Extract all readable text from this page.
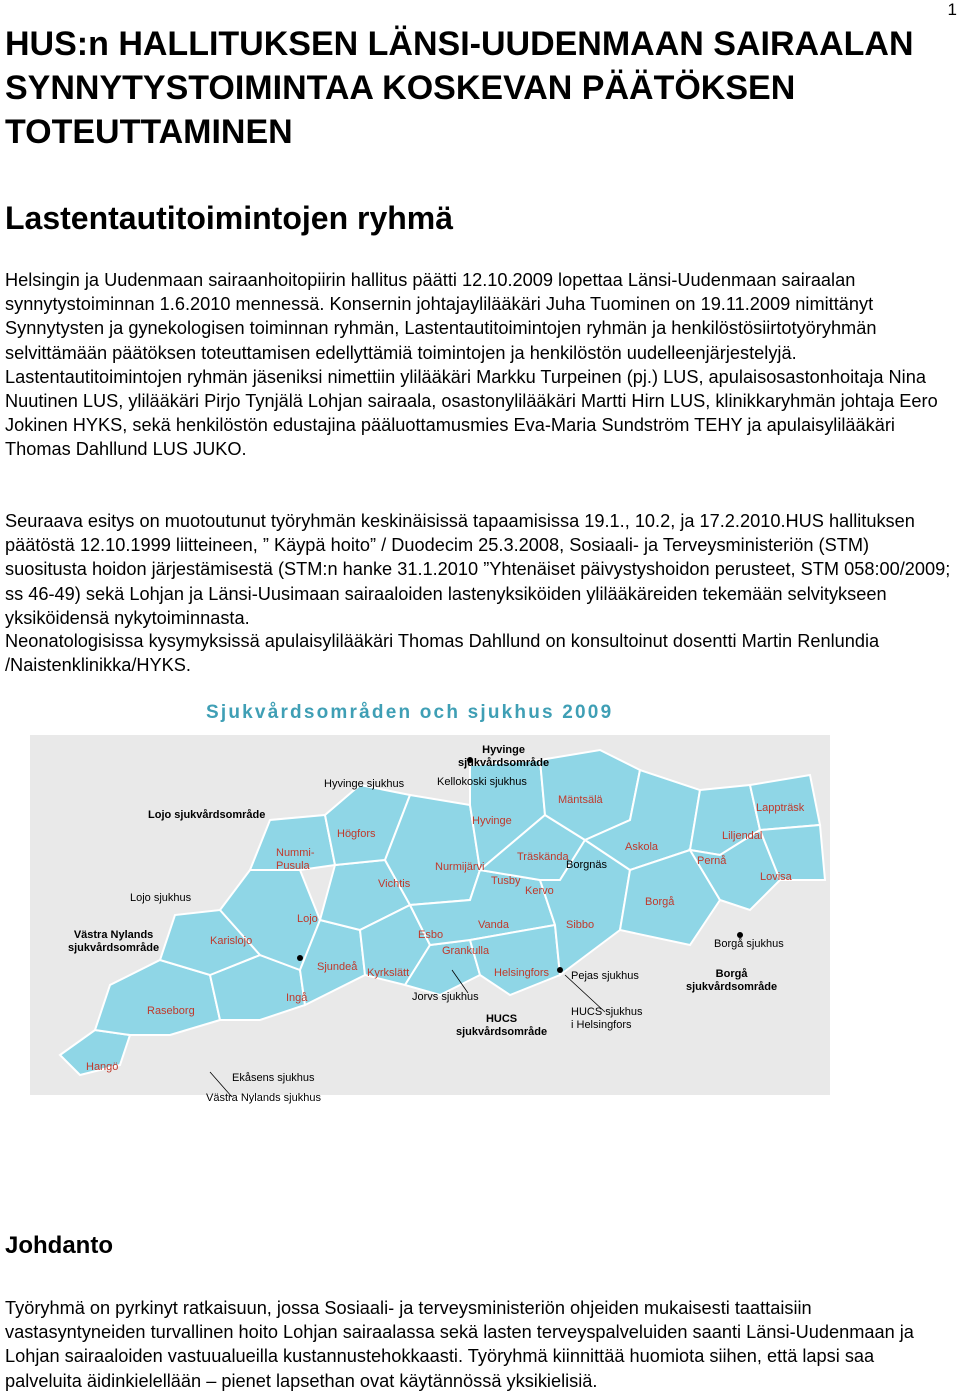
1
HUS:n HALLITUKSEN LÄNSI-UUDENMAAN SAIRAALAN SYNNYTYSTOIMINTAA KOSKEVAN PÄÄTÖKSEN TOTEUTTAMINEN
Lastentautitoimintojen ryhmä

Helsingin ja Uudenmaan sairaanhoitopiirin hallitus päätti 12.10.2009 lopettaa Länsi-Uudenmaan sairaalan synnytystoiminnan 1.6.2010 mennessä. Konsernin johtajaylilääkäri Juha Tuominen on 19.11.2009 nimittänyt Synnytysten ja gynekologisen toiminnan ryhmän, Lastentautitoimintojen ryhmän ja henkilöstösiirtotyöryhmän selvittämään päätöksen toteuttamisen edellyttämiä toimintojen ja henkilöstön uudelleenjärjestelyjä. Lastentautitoimintojen ryhmän jäseniksi nimettiin ylilääkäri Markku Turpeinen (pj.) LUS, apulaisosastonhoitaja Nina Nuutinen LUS, ylilääkäri Pirjo Tynjälä Lohjan sairaala, osastonylilääkäri Martti Hirn LUS, klinikkaryhmän johtaja Eero Jokinen HYKS, sekä henkilöstön edustajina pääluottamusmies Eva-Maria Sundström TEHY ja apulaisylilääkäri Thomas Dahllund LUS JUKO.

Seuraava esitys on muotoutunut työryhmän keskinäisissä tapaamisissa 19.1., 10.2, ja 17.2.2010.HUS hallituksen päätöstä 12.10.1999 liitteineen, ” Käypä hoito” / Duodecim 25.3.2008, Sosiaali- ja Terveysministeriön (STM) suositusta hoidon järjestämisestä (STM:n hanke 31.1.2010 ”Yhtenäiset päivystyshoidon perusteet, STM 058:00/2009; ss 46-49) sekä Lohjan ja Länsi-Uusimaan sairaaloiden lastenyksiköiden ylilääkäreiden tekemään selvitykseen yksiköidensä nykytoiminnasta.

Neonatologisissa kysymyksissä apulaisylilääkäri Thomas Dahllund on konsultoinut dosentti Martin Renlundia /Naistenklinikka/HYKS.

Sjukvårdsområden och sjukhus 2009
Hyvinge
sjukvårdsområde
Hyvinge sjukhus	Kellokoski sjukhus
Lojo sjukvårdsområde
Mäntsälä
Lappträsk
Hyvinge
Högfors	Liljendal
Nummi-
Pusula
Askola
Träskända
Nurmijärvi	Borgnäs	Pernå
Vichtis	Tusby	Lovisa
Kervo
Lojo sjukhus	Borgå
Lojo	Vanda	Sibbo
Västra Nylands
sjukvårdsområde
Karislojo	Esbo
Borgå sjukhus
Grankulla
Sjundeå Kyrkslätt	Helsingfors Pejas sjukhus	Borgå
sjukvårdsområde
Raseborg
Ingå	Jorvs sjukhus
HUCS
sjukvårdsområde
HUCS sjukhus
i Helsingfors
Hangö
Ekåsens sjukhus
Västra Nylands sjukhus
Johdanto

Työryhmä on pyrkinyt ratkaisuun, jossa Sosiaali- ja terveysministeriön ohjeiden mukaisesti taattaisiin vastasyntyneiden turvallinen hoito Lohjan sairaalassa sekä lasten terveyspalveluiden saanti Länsi-Uudenmaan ja Lohjan sairaaloiden vastuualueilla kustannustehokkaasti. Työryhmä kiinnittää huomiota siihen, että lapsi saa palveluita äidinkielellään – pienet lapsethan ovat käytännössä yksikielisiä.
